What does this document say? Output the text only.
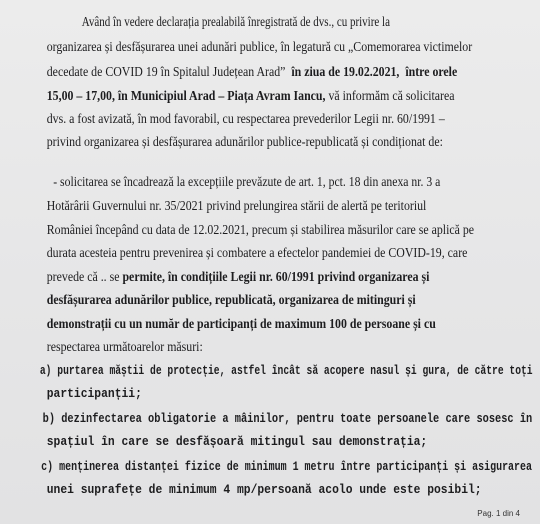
Având în vedere declarația prealabilă înregistrată de dvs., cu privire la
organizarea și desfășurarea unei adunări publice, în legatură cu „Comemorarea victimelor
decedate de COVID 19 în Spitalul Județean Arad” în ziua de 19.02.2021, între orele
15,00 – 17,00, în Municipiul Arad – Piața Avram Iancu, vă informăm că solicitarea
dvs. a fost avizată, în mod favorabil, cu respectarea prevederilor Legii nr. 60/1991 –
privind organizarea și desfășurarea adunărilor publice-republicată și condiționat de:
- solicitarea se încadrează la excepțiile prevăzute de art. 1, pct. 18 din anexa nr. 3 a
Hotărârii Guvernului nr. 35/2021 privind prelungirea stării de alertă pe teritoriul
României începând cu data de 12.02.2021, precum și stabilirea măsurilor care se aplică pe
durata acesteia pentru prevenirea și combatere a efectelor pandemiei de COVID-19, care
prevede că .. se permite, în condițiile Legii nr. 60/1991 privind organizarea și
desfășurarea adunărilor publice, republicată, organizarea de mitinguri și
demonstrații cu un număr de participanți de maximum 100 de persoane și cu
respectarea următoarelor măsuri:
a) purtarea măștii de protecție, astfel încât să acopere nasul și gura, de către toți
participanții;
b) dezinfectarea obligatorie a mâinilor, pentru toate persoanele care sosesc în
spațiul în care se desfășoară mitingul sau demonstrația;
c) menținerea distanței fizice de minimum 1 metru între participanți și asigurarea
unei suprafețe de minimum 4 mp/persoană acolo unde este posibil;
Pag. 1 din 4
